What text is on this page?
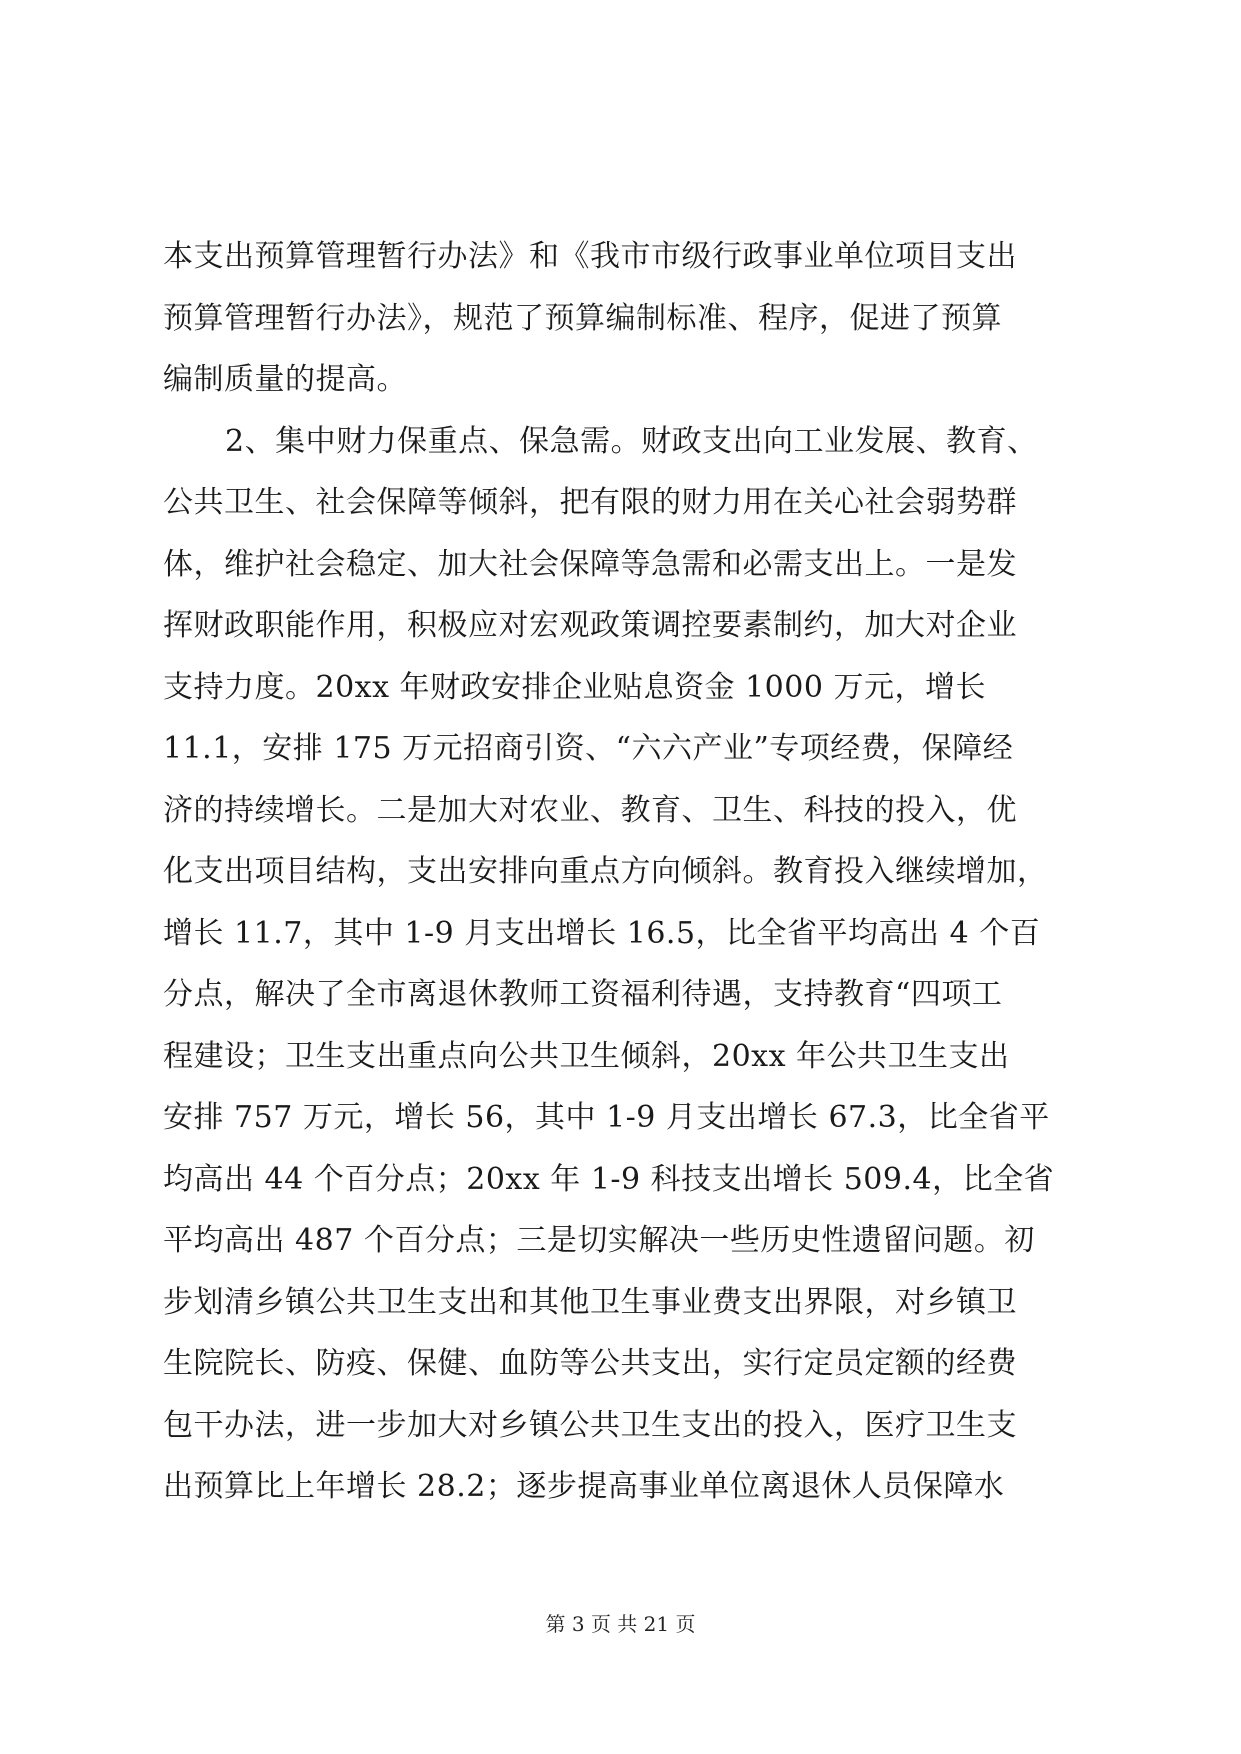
本支出预算管理暂行办法》和《我市市级行政事业单位项目支出
预算管理暂行办法》，规范了预算编制标准、程序，促进了预算
编制质量的提高。
2、集中财力保重点、保急需。财政支出向工业发展、教育、
公共卫生、社会保障等倾斜，把有限的财力用在关心社会弱势群
体，维护社会稳定、加大社会保障等急需和必需支出上。一是发
挥财政职能作用，积极应对宏观政策调控要素制约，加大对企业
支持力度。20xx 年财政安排企业贴息资金 1000 万元，增长
11.1，安排 175 万元招商引资、“六六产业”专项经费，保障经
济的持续增长。二是加大对农业、教育、卫生、科技的投入，优
化支出项目结构，支出安排向重点方向倾斜。教育投入继续增加，
增长 11.7，其中 1-9 月支出增长 16.5，比全省平均高出 4 个百
分点，解决了全市离退休教师工资福利待遇，支持教育“四项工
程建设；卫生支出重点向公共卫生倾斜，20xx 年公共卫生支出
安排 757 万元，增长 56，其中 1-9 月支出增长 67.3，比全省平
均高出 44 个百分点；20xx 年 1-9 科技支出增长 509.4，比全省
平均高出 487 个百分点；三是切实解决一些历史性遗留问题。初
步划清乡镇公共卫生支出和其他卫生事业费支出界限，对乡镇卫
生院院长、防疫、保健、血防等公共支出，实行定员定额的经费
包干办法，进一步加大对乡镇公共卫生支出的投入，医疗卫生支
出预算比上年增长 28.2；逐步提高事业单位离退休人员保障水
第 3 页 共 21 页
